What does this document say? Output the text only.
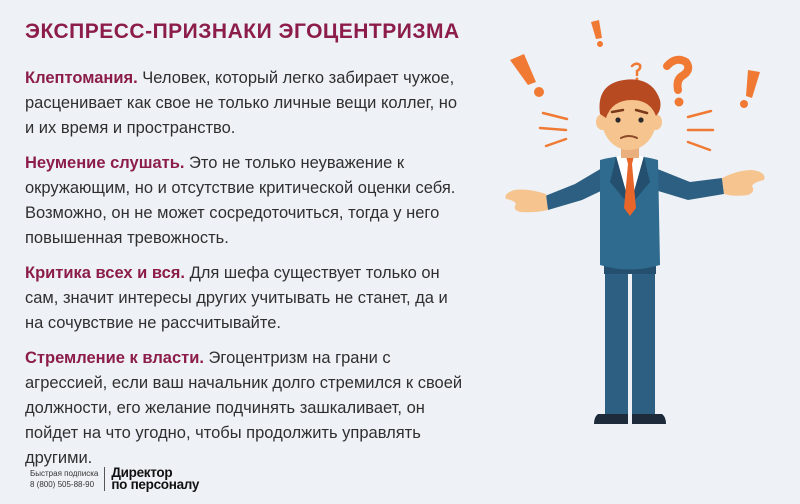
ЭКСПРЕСС-ПРИЗНАКИ ЭГОЦЕНТРИЗМА

Клептомания. Человек, который легко забирает чужое, расценивает как свое не только личные вещи коллег, но и их время и пространство.

Неумение слушать. Это не только неуважение к окружающим, но и отсутствие критической оценки себя. Возможно, он не может сосредоточиться, тогда у него повышенная тревожность.

Критика всех и вся. Для шефа существует только он сам, значит интересы других учитывать не станет, да и на сочувствие не рассчитывайте.

Стремление к власти. Эгоцентризм на грани с агрессией, если ваш начальник долго стремился к своей должности, его желание подчинять зашкаливает, он пойдет на что угодно, чтобы продолжить управлять другими.

Быстрая подписка
8 (800) 505-88-90
Директор
по персоналу
